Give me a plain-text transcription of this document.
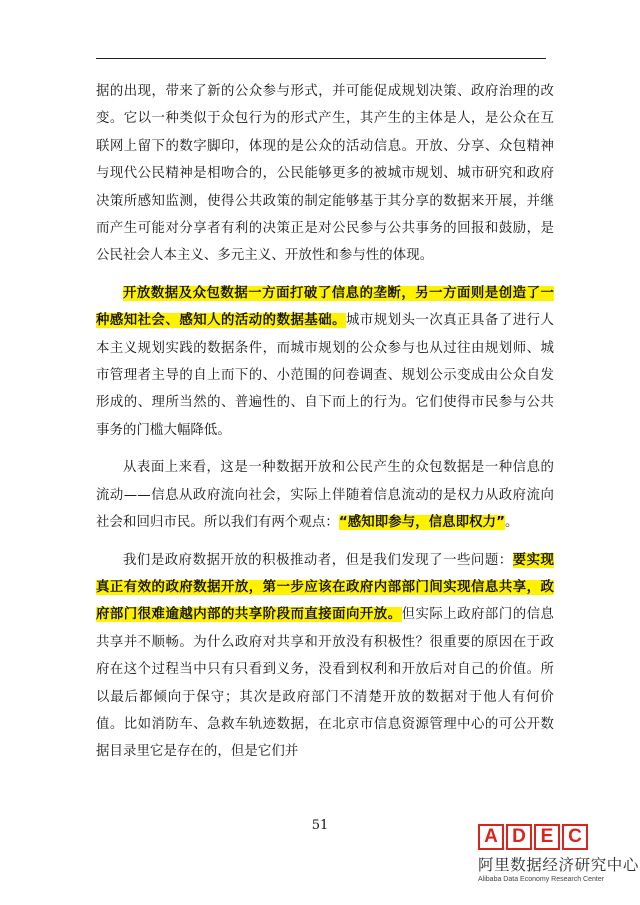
据的出现，带来了新的公众参与形式，并可能促成规划决策、政府治理的改变。它以一种类似于众包行为的形式产生，其产生的主体是人，是公众在互联网上留下的数字脚印，体现的是公众的活动信息。开放、分享、众包精神与现代公民精神是相吻合的，公民能够更多的被城市规划、城市研究和政府决策所感知监测，使得公共政策的制定能够基于其分享的数据来开展，并继而产生可能对分享者有利的决策正是对公民参与公共事务的回报和鼓励，是公民社会人本主义、多元主义、开放性和参与性的体现。

开放数据及众包数据一方面打破了信息的垄断，另一方面则是创造了一种感知社会、感知人的活动的数据基础。城市规划头一次真正具备了进行人本主义规划实践的数据条件，而城市规划的公众参与也从过往由规划师、城市管理者主导的自上而下的、小范围的问卷调查、规划公示变成由公众自发形成的、理所当然的、普遍性的、自下而上的行为。它们使得市民参与公共事务的门槛大幅降低。

从表面上来看，这是一种数据开放和公民产生的众包数据是一种信息的流动——信息从政府流向社会，实际上伴随着信息流动的是权力从政府流向社会和回归市民。所以我们有两个观点：“感知即参与，信息即权力”。

我们是政府数据开放的积极推动者，但是我们发现了一些问题：要实现真正有效的政府数据开放，第一步应该在政府内部部门间实现信息共享，政府部门很难逾越内部的共享阶段而直接面向开放。但实际上政府部门的信息共享并不顺畅。为什么政府对共享和开放没有积极性？很重要的原因在于政府在这个过程当中只有只看到义务，没看到权利和开放后对自己的价值。所以最后都倾向于保守；其次是政府部门不清楚开放的数据对于他人有何价值。比如消防车、急救车轨迹数据，在北京市信息资源管理中心的可公开数据目录里它是存在的，但是它们并

51
A D E C
阿里数据经济研究中心
Alibaba Data Economy Research Center
